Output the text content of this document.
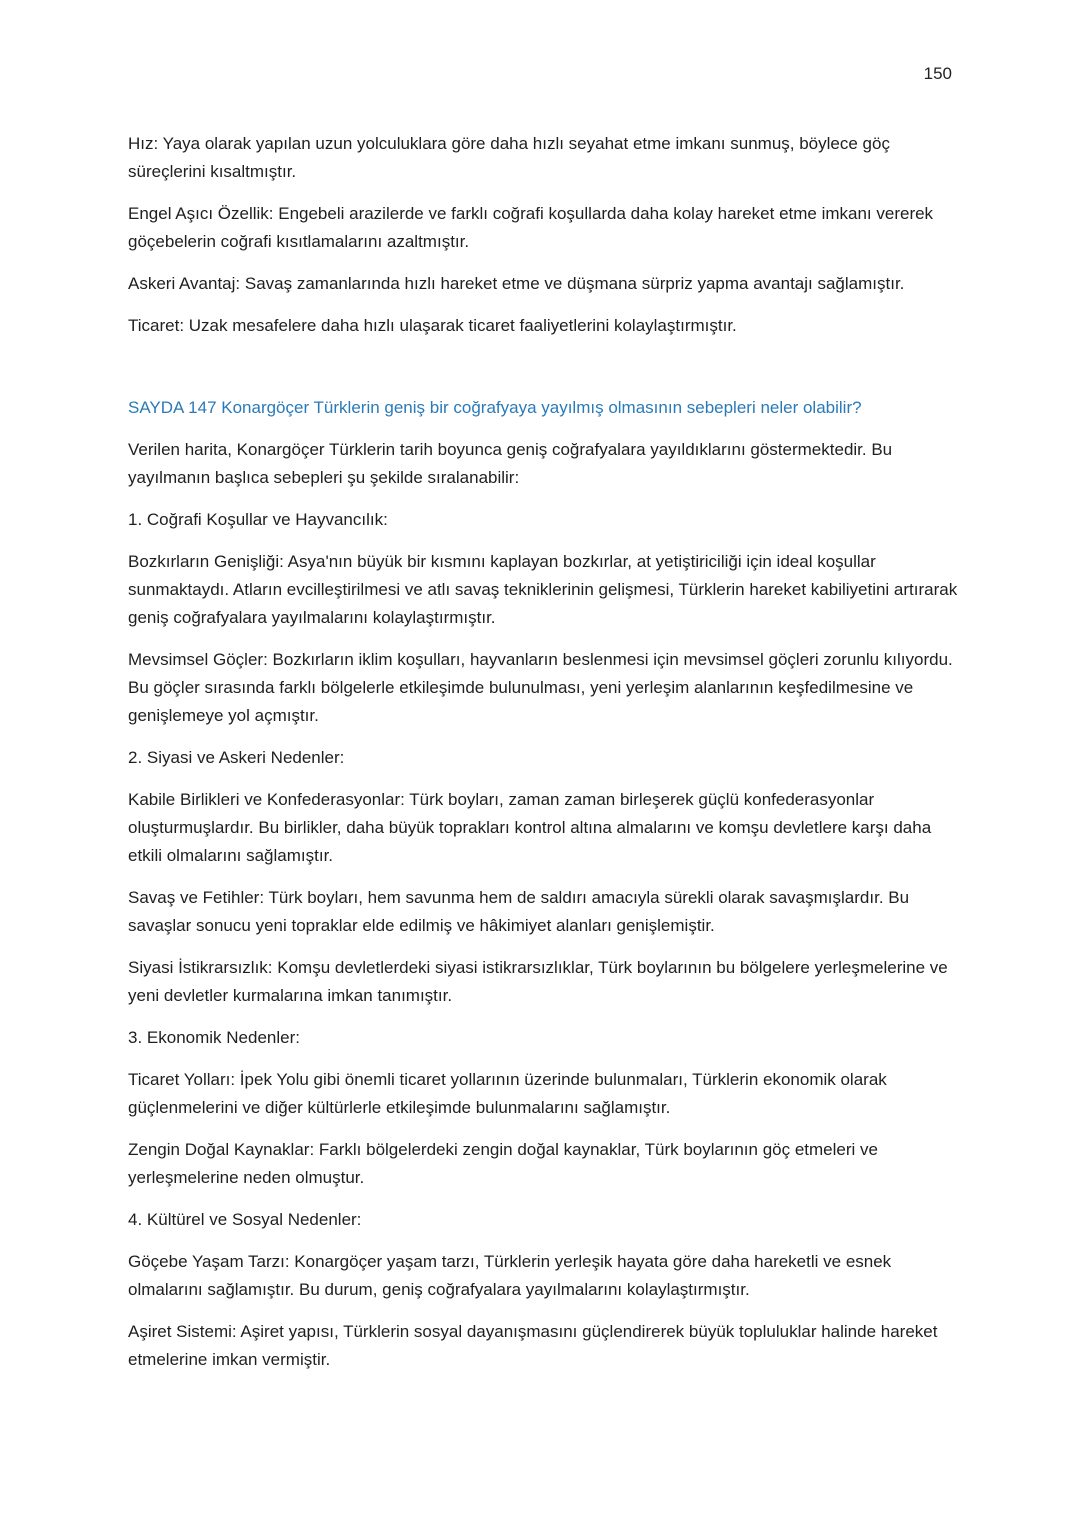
150

Hız: Yaya olarak yapılan uzun yolculuklara göre daha hızlı seyahat etme imkanı sunmuş, böylece göç süreçlerini kısaltmıştır.

Engel Aşıcı Özellik: Engebeli arazilerde ve farklı coğrafi koşullarda daha kolay hareket etme imkanı vererek göçebelerin coğrafi kısıtlamalarını azaltmıştır.

Askeri Avantaj: Savaş zamanlarında hızlı hareket etme ve düşmana sürpriz yapma avantajı sağlamıştır.

Ticaret: Uzak mesafelere daha hızlı ulaşarak ticaret faaliyetlerini kolaylaştırmıştır.

SAYDA 147 Konargöçer Türklerin geniş bir coğrafyaya yayılmış olmasının sebepleri neler olabilir?

Verilen harita, Konargöçer Türklerin tarih boyunca geniş coğrafyalara yayıldıklarını göstermektedir. Bu yayılmanın başlıca sebepleri şu şekilde sıralanabilir:

1. Coğrafi Koşullar ve Hayvancılık:

Bozkırların Genişliği: Asya'nın büyük bir kısmını kaplayan bozkırlar, at yetiştiriciliği için ideal koşullar sunmaktaydı. Atların evcilleştirilmesi ve atlı savaş tekniklerinin gelişmesi, Türklerin hareket kabiliyetini artırarak geniş coğrafyalara yayılmalarını kolaylaştırmıştır.

Mevsimsel Göçler: Bozkırların iklim koşulları, hayvanların beslenmesi için mevsimsel göçleri zorunlu kılıyordu. Bu göçler sırasında farklı bölgelerle etkileşimde bulunulması, yeni yerleşim alanlarının keşfedilmesine ve genişlemeye yol açmıştır.

2. Siyasi ve Askeri Nedenler:

Kabile Birlikleri ve Konfederasyonlar: Türk boyları, zaman zaman birleşerek güçlü konfederasyonlar oluşturmuşlardır. Bu birlikler, daha büyük toprakları kontrol altına almalarını ve komşu devletlere karşı daha etkili olmalarını sağlamıştır.

Savaş ve Fetihler: Türk boyları, hem savunma hem de saldırı amacıyla sürekli olarak savaşmışlardır. Bu savaşlar sonucu yeni topraklar elde edilmiş ve hâkimiyet alanları genişlemiştir.

Siyasi İstikrarsızlık: Komşu devletlerdeki siyasi istikrarsızlıklar, Türk boylarının bu bölgelere yerleşmelerine ve yeni devletler kurmalarına imkan tanımıştır.

3. Ekonomik Nedenler:

Ticaret Yolları: İpek Yolu gibi önemli ticaret yollarının üzerinde bulunmaları, Türklerin ekonomik olarak güçlenmelerini ve diğer kültürlerle etkileşimde bulunmalarını sağlamıştır.

Zengin Doğal Kaynaklar: Farklı bölgelerdeki zengin doğal kaynaklar, Türk boylarının göç etmeleri ve yerleşmelerine neden olmuştur.

4. Kültürel ve Sosyal Nedenler:

Göçebe Yaşam Tarzı: Konargöçer yaşam tarzı, Türklerin yerleşik hayata göre daha hareketli ve esnek olmalarını sağlamıştır. Bu durum, geniş coğrafyalara yayılmalarını kolaylaştırmıştır.

Aşiret Sistemi: Aşiret yapısı, Türklerin sosyal dayanışmasını güçlendirerek büyük topluluklar halinde hareket etmelerine imkan vermiştir.
